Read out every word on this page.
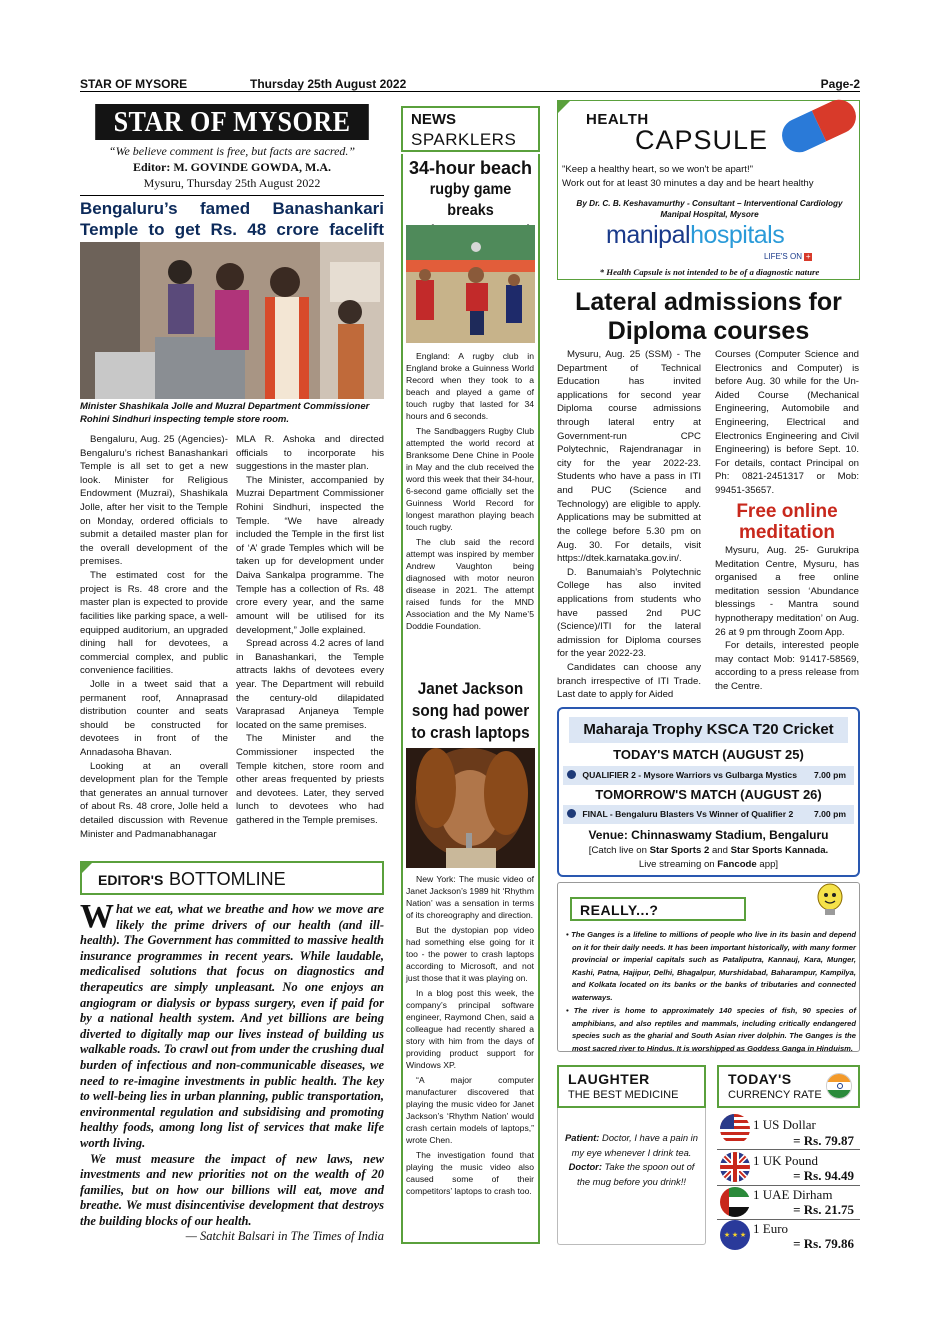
STAR OF MYSORE	Thursday 25th August 2022	Page-2
STAR OF MYSORE
“We believe comment is free, but facts are sacred.”
Editor: M. GOVINDE GOWDA, M.A.
Mysuru, Thursday 25th August 2022
Bengaluru’s famed Banashankari
Temple to get Rs. 48 crore facelift
Minister Shashikala Jolle and Muzral Department Commissioner Rohini Sindhuri inspecting temple store room.

Bengaluru, Aug. 25 (Agencies)- Bengaluru’s richest Banashankari Temple is all set to get a new look. Minister for Religious Endowment (Muzrai), Shashikala Jolle, after her visit to the Temple on Monday, ordered officials to submit a detailed master plan for the overall development of the premises.

The estimated cost for the project is Rs. 48 crore and the master plan is expected to provide facilities like parking space, a well-equipped auditorium, an upgraded dining hall for devotees, a commercial complex, and public convenience facilities.

Jolle in a tweet said that a permanent roof, Annaprasad distribution counter and seats should be constructed for devotees in front of the Annadasoha Bhavan.

Looking at an overall development plan for the Temple that generates an annual turnover of about Rs. 48 crore, Jolle held a detailed discussion with Revenue Minister and Padmanabhanagar

MLA R. Ashoka and directed officials to incorporate his suggestions in the master plan.

The Minister, accompanied by Muzrai Department Commissioner Rohini Sindhuri, inspected the Temple. “We have already included the Temple in the first list of ‘A’ grade Temples which will be taken up for development under Daiva Sankalpa programme. The Temple has a collection of Rs. 48 crore every year, and the same amount will be utilised for its development,” Jolle explained.

Spread across 4.2 acres of land in Banashankari, the Temple attracts lakhs of devotees every year. The Department will rebuild the century-old dilapidated Varaprasad Anjaneya Temple located on the same premises.

The Minister and the Commissioner inspected the Temple kitchen, store room and other areas frequented by priests and devotees. Later, they served lunch to devotees who had gathered in the Temple premises.

EDITOR'S BOTTOMLINE

What we eat, what we breathe and how we move are likely the prime drivers of our health (and ill-health). The Government has committed to massive health insurance programmes in recent years. While laudable, medicalised solutions that focus on diagnostics and therapeutics are simply unpleasant. No one enjoys an angiogram or dialysis or bypass surgery, even if paid for by a national health system. And yet billions are being diverted to digitally map our lives instead of building us walkable roads. To crawl out from under the crushing dual burden of infectious and non-communicable diseases, we need to re-imagine investments in public health. The key to well-being lies in urban planning, public transportation, environmental regulation and subsidising and promoting healthy foods, among long list of services that make life worth living.

We must measure the impact of new laws, new investments and new priorities not on the wealth of 20 families, but on how our billions will eat, move and breathe. We must disincentivise development that destroys the building blocks of our health.

— Satchit Balsari in The Times of India

NEWS
SPARKLERS
34-hour beach
rugby game breaks

England: A rugby club in England broke a Guinness World Record when they took to a beach and played a game of touch rugby that lasted for 34 hours and 6 seconds.

The Sandbaggers Rugby Club attempted the world record at Branksome Dene Chine in Poole in May and the club received the word this week that their 34-hour, 6-second game officially set the Guinness World Record for longest marathon playing beach touch rugby.

The club said the record attempt was inspired by member Andrew Vaughton being diagnosed with motor neuron disease in 2021. The attempt raised funds for the MND Association and the My Name’5 Doddie Foundation.

Janet Jackson
song had power
to crash laptops

New York: The music video of Janet Jackson’s 1989 hit ‘Rhythm Nation’ was a sensation in terms of its choreography and direction.

But the dystopian pop video had something else going for it too - the power to crash laptops according to Microsoft, and not just those that it was playing on.

In a blog post this week, the company’s principal software engineer, Raymond Chen, said a colleague had recently shared a story with him from the days of providing product support for Windows XP.

“A major computer manufacturer discovered that playing the music video for Janet Jackson’s ‘Rhythm Nation’ would crash certain models of laptops,” wrote Chen.

The investigation found that playing the music video also caused some of their competitors’ laptops to crash too.

HEALTH
CAPSULE
"Keep a healthy heart, so we won't be apart!"
Work out for at least 30 minutes a day and be heart healthy
By Dr. C. B. Keshavamurthy - Consultant – Interventional Cardiology
Manipal Hospital, Mysore
manipalhospitals
LIFE'S ON +
* Health Capsule is not intended to be of a diagnostic nature
Lateral admissions for
Diploma courses

Mysuru, Aug. 25 (SSM) - The Department of Technical Education has invited applications for second year Diploma course admissions through lateral entry at Government-run CPC Polytechnic, Rajendranagar in city for the year 2022-23. Students who have a pass in ITI and PUC (Science and Technology) are eligible to apply. Applications may be submitted at the college before 5.30 pm on Aug. 30. For details, visit https://dtek.karnataka.gov.in/.

D. Banumaiah’s Polytechnic College has also invited applications from students who have passed 2nd PUC (Science)/ITI for the lateral admission for Diploma courses for the year 2022-23.

Candidates can choose any branch irrespective of ITI Trade. Last date to apply for Aided

Courses (Computer Science and Electronics and Computer) is before Aug. 30 while for the Un-Aided Course (Mechanical Engineering, Automobile and Engineering, Electrical and Electronics Engineering and Civil Engineering) is before Sept. 10. For details, contact Principal on Ph: 0821-2451317 or Mob: 99451-35657.

Free online
meditation

Mysuru, Aug. 25- Gurukripa Meditation Centre, Mysuru, has organised a free online meditation session ‘Abundance blessings - Mantra sound hypnotherapy meditation’ on Aug. 26 at 9 pm through Zoom App.

For details, interested people may contact Mob: 91417-58569, according to a press release from the Centre.

Maharaja Trophy KSCA T20 Cricket
TODAY'S MATCH (AUGUST 25)
QUALIFIER 2 - Mysore Warriors vs Gulbarga Mystics 7.00 pm
TOMORROW'S MATCH (AUGUST 26)
FINAL - Bengaluru Blasters Vs Winner of Qualifier 2 7.00 pm
Venue: Chinnaswamy Stadium, Bengaluru
[Catch live on Star Sports 2 and Star Sports Kannada.
Live streaming on Fancode app]
REALLY...?
• The Ganges is a lifeline to millions of people who live in its basin and depend on it for their daily needs. It has been important historically, with many former provincial or imperial capitals such as Pataliputra, Kannauj, Kara, Munger, Kashi, Patna, Hajipur, Delhi, Bhagalpur, Murshidabad, Baharampur, Kampilya, and Kolkata located on its banks or the banks of tributaries and connected waterways.
• The river is home to approximately 140 species of fish, 90 species of amphibians, and also reptiles and mammals, including critically endangered species such as the gharial and South Asian river dolphin. The Ganges is the most sacred river to Hindus. It is worshipped as Goddess Ganga in Hinduism.
LAUGHTER
THE BEST MEDICINE

Patient: Doctor, I have a pain in my eye whenever I drink tea.

Doctor: Take the spoon out of the mug before you drink!!

TODAY'S
CURRENCY RATE
1 US Dollar
= Rs. 79.87
1 UK Pound
= Rs. 94.49
1 UAE Dirham
= Rs. 21.75
★ ★ ★ 1 Euro
= Rs. 79.86
